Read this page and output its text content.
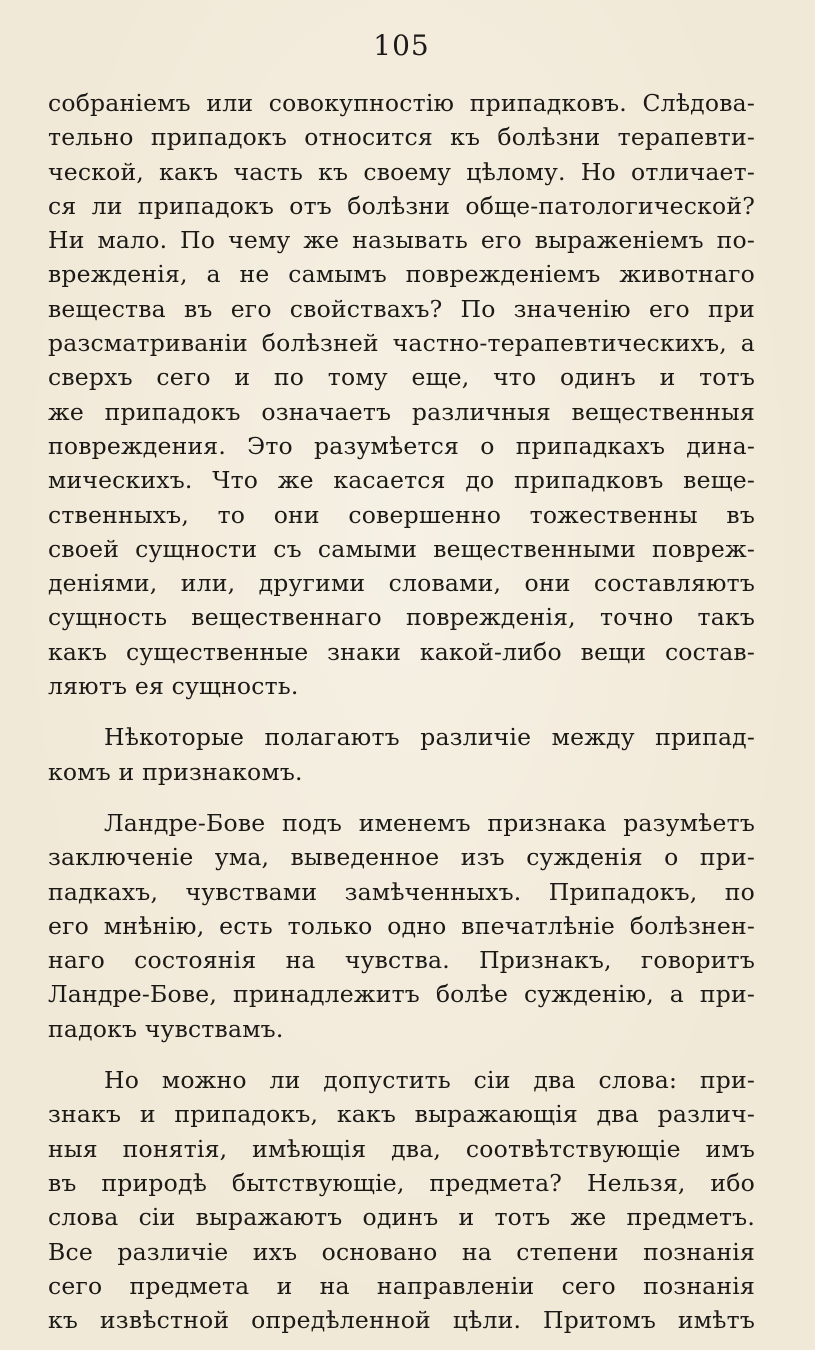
105
собранiемъ или совокупностiю припадковъ. Слѣдова-
тельно припадокъ относится къ болѣзни терапевти-
ческой, какъ часть къ своему цѣлому. Но отличает-
ся ли припадокъ отъ болѣзни обще-патологической?
Ни мало. По чему же называть его выраженiемъ по-
врежденiя, а не самымъ поврежденiемъ животнаго
вещества въ его свойствахъ? По значенiю его при
разсматриванiи болѣзней частно-терапевтическихъ, а
сверхъ сего и по тому еще, что одинъ и тотъ
же припадокъ означаетъ различныя вещественныя
повреждения. Это разумѣется о припадкахъ дина-
мическихъ. Что же касается до припадковъ веще-
ственныхъ, то они совершенно тожественны въ
своей сущности съ самыми вещественными повреж-
денiями, или, другими словами, они составляютъ
сущность вещественнаго поврежденiя, точно такъ
какъ существенные знаки какой-либо вещи состав-
ляютъ ея сущность.
Нѣкоторые полагаютъ различiе между припад-
комъ и признакомъ.
Ландре-Бове подъ именемъ признака разумѣетъ
заключенiе ума, выведенное изъ сужденiя о при-
падкахъ, чувствами замѣченныхъ. Припадокъ, по
его мнѣнiю, есть только одно впечатлѣнiе болѣзнен-
наго состоянiя на чувства. Признакъ, говоритъ
Ландре-Бове, принадлежитъ болѣе сужденiю, а при-
падокъ чувствамъ.
Но можно ли допустить сiи два слова: при-
знакъ и припадокъ, какъ выражающiя два различ-
ныя понятiя, имѣющiя два, соотвѣтствующiе имъ
въ природѣ бытствующiе, предмета? Нельзя, ибо
слова сiи выражаютъ одинъ и тотъ же предметъ.
Все различiе ихъ основано на степени познанiя
сего предмета и на направленiи сего познанiя
къ извѣстной опредѣленной цѣли. Притомъ имѣтъ
